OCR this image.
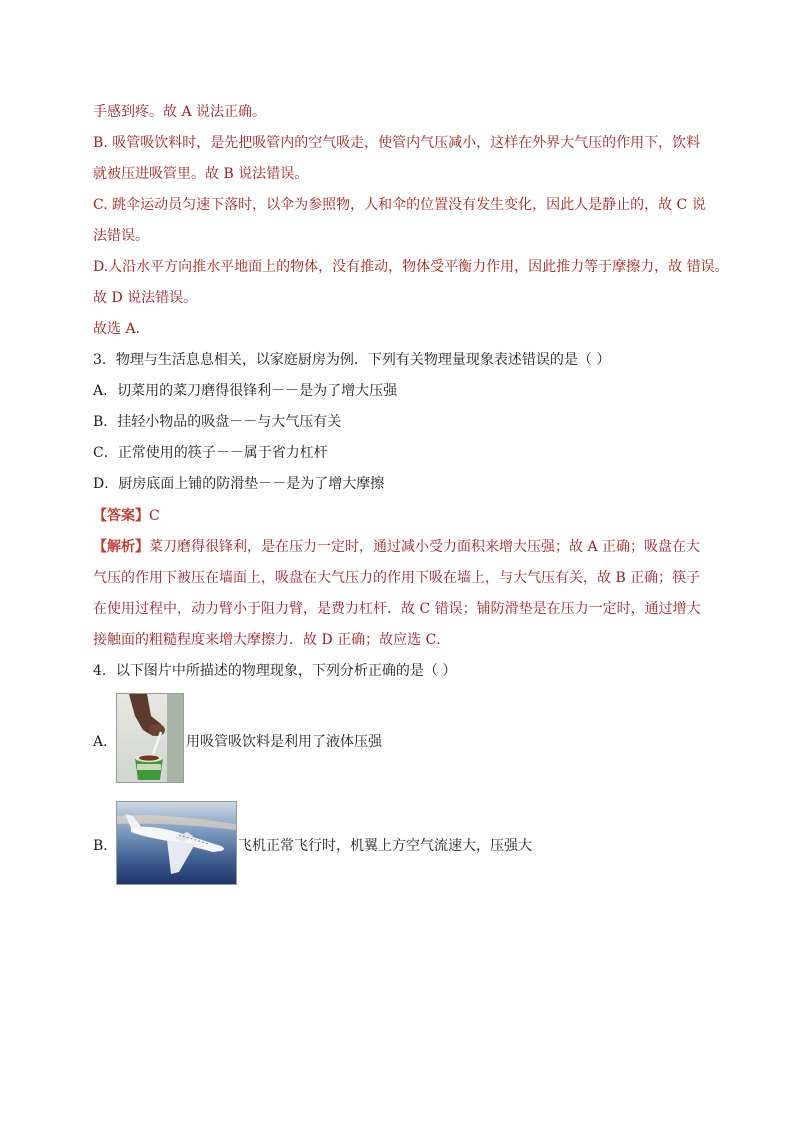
手感到疼。故 A 说法正确。
B. 吸管吸饮料时，是先把吸管内的空气吸走，使管内气压减小，这样在外界大气压的作用下，饮料
就被压进吸管里。故 B 说法错误。
C. 跳伞运动员匀速下落时，以伞为参照物，人和伞的位置没有发生变化，因此人是静止的，故 C 说
法错误。
D.人沿水平方向推水平地面上的物体，没有推动，物体受平衡力作用，因此推力等于摩擦力，故 错误。
故 D 说法错误。
故选 A.
3．物理与生活息息相关，以家庭厨房为例．下列有关物理量现象表述错误的是（ ）
A．切菜用的菜刀磨得很锋利－－是为了增大压强
B．挂轻小物品的吸盘－－与大气压有关
C．正常使用的筷子－－属于省力杠杆
D．厨房底面上铺的防滑垫－－是为了增大摩擦
【答案】C
【解析】菜刀磨得很锋利，是在压力一定时，通过减小受力面积来增大压强；故 A 正确；吸盘在大
气压的作用下被压在墙面上，吸盘在大气压力的作用下吸在墙上，与大气压有关，故 B 正确；筷子
在使用过程中，动力臂小于阻力臂，是费力杠杆．故 C 错误；铺防滑垫是在压力一定时，通过增大
接触面的粗糙程度来增大摩擦力．故 D 正确；故应选 C．
4．以下图片中所描述的物理现象，下列分析正确的是（ ）
A．	用吸管吸饮料是利用了液体压强
B．	飞机正常飞行时，机翼上方空气流速大，压强大
